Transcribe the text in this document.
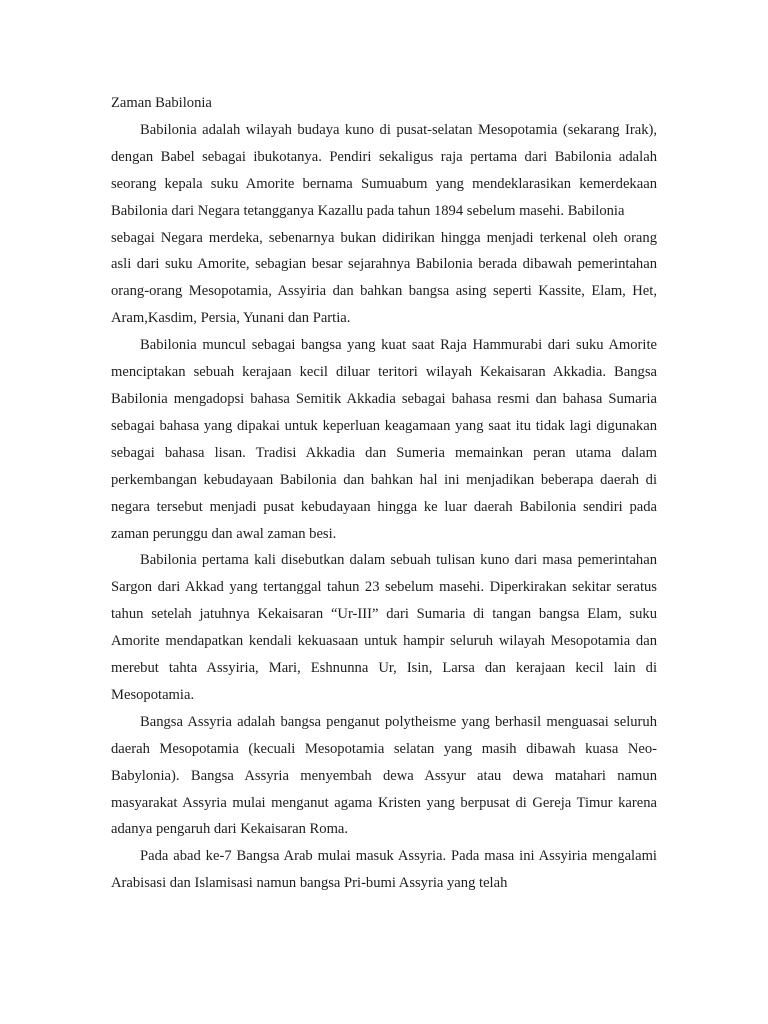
Zaman Babilonia

Babilonia adalah wilayah budaya kuno di pusat-selatan Mesopotamia (sekarang Irak), dengan Babel sebagai ibukotanya. Pendiri sekaligus raja pertama dari Babilonia adalah seorang kepala suku Amorite bernama Sumuabum yang mendeklarasikan kemerdekaan Babilonia dari Negara tetangganya Kazallu pada tahun 1894 sebelum masehi. Babilonia

sebagai Negara merdeka, sebenarnya bukan didirikan hingga menjadi terkenal oleh orang asli dari suku Amorite, sebagian besar sejarahnya Babilonia berada dibawah pemerintahan orang-orang Mesopotamia, Assyiria dan bahkan bangsa asing seperti Kassite, Elam, Het, Aram,Kasdim, Persia, Yunani dan Partia.

Babilonia muncul sebagai bangsa yang kuat saat Raja Hammurabi dari suku Amorite menciptakan sebuah kerajaan kecil diluar teritori wilayah Kekaisaran Akkadia. Bangsa Babilonia mengadopsi bahasa Semitik Akkadia sebagai bahasa resmi dan bahasa Sumaria sebagai bahasa yang dipakai untuk keperluan keagamaan yang saat itu tidak lagi digunakan sebagai bahasa lisan. Tradisi Akkadia dan Sumeria memainkan peran utama dalam perkembangan kebudayaan Babilonia dan bahkan hal ini menjadikan beberapa daerah di negara tersebut menjadi pusat kebudayaan hingga ke luar daerah Babilonia sendiri pada zaman perunggu dan awal zaman besi.

Babilonia pertama kali disebutkan dalam sebuah tulisan kuno dari masa pemerintahan Sargon dari Akkad yang tertanggal tahun 23 sebelum masehi. Diperkirakan sekitar seratus tahun setelah jatuhnya Kekaisaran “Ur-III” dari Sumaria di tangan bangsa Elam, suku Amorite mendapatkan kendali kekuasaan untuk hampir seluruh wilayah Mesopotamia dan merebut tahta Assyiria, Mari, Eshnunna Ur, Isin, Larsa dan kerajaan kecil lain di Mesopotamia.

Bangsa Assyria adalah bangsa penganut polytheisme yang berhasil menguasai seluruh daerah Mesopotamia (kecuali Mesopotamia selatan yang masih dibawah kuasa Neo-Babylonia). Bangsa Assyria menyembah dewa Assyur atau dewa matahari namun masyarakat Assyria mulai menganut agama Kristen yang berpusat di Gereja Timur karena adanya pengaruh dari Kekaisaran Roma.

Pada abad ke-7 Bangsa Arab mulai masuk Assyria. Pada masa ini Assyiria mengalami Arabisasi dan Islamisasi namun bangsa Pri-bumi Assyria yang telah
